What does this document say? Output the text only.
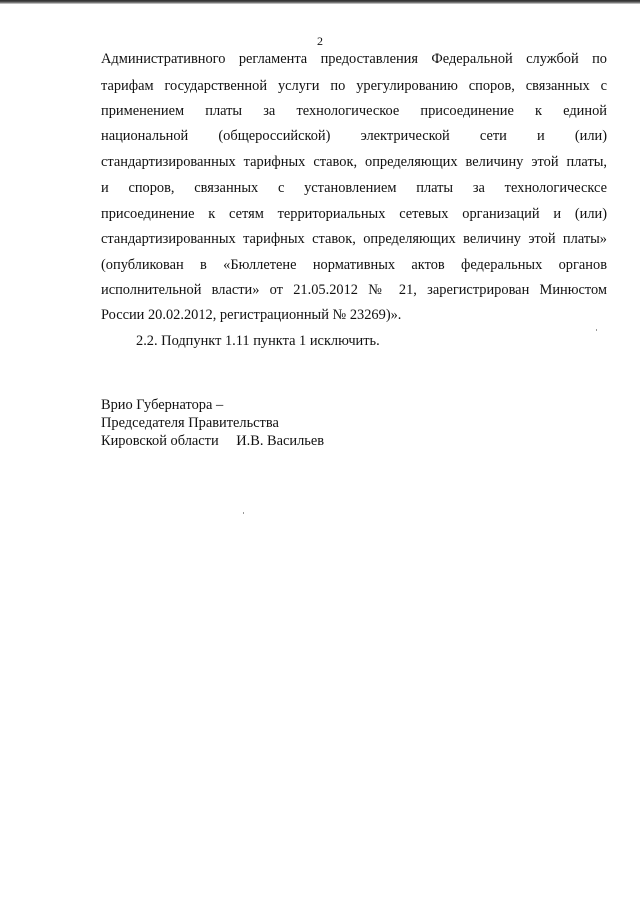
2
Административного регламента предоставления Федеральной службой по
тарифам государственной услуги по урегулированию споров, связанных с
применением платы за технологическое присоединение к единой
национальной (общероссийской) электрической сети и (или)
стандартизированных тарифных ставок, определяющих величину этой платы,
и споров, связанных с установлением платы за технологическсе
присоединение к сетям территориальных сетевых организаций и (или)
стандартизированных тарифных ставок, определяющих величину этой платы»
(опубликован в «Бюллетене нормативных актов федеральных органов
исполнительной власти» от 21.05.2012 № 21, зарегистрирован Минюстом
России 20.02.2012, регистрационный № 23269)».
2.2. Подпункт 1.11 пункта 1 исключить.
Врио Губернатора –
Председателя Правительства
Кировской области И.В. Васильев
